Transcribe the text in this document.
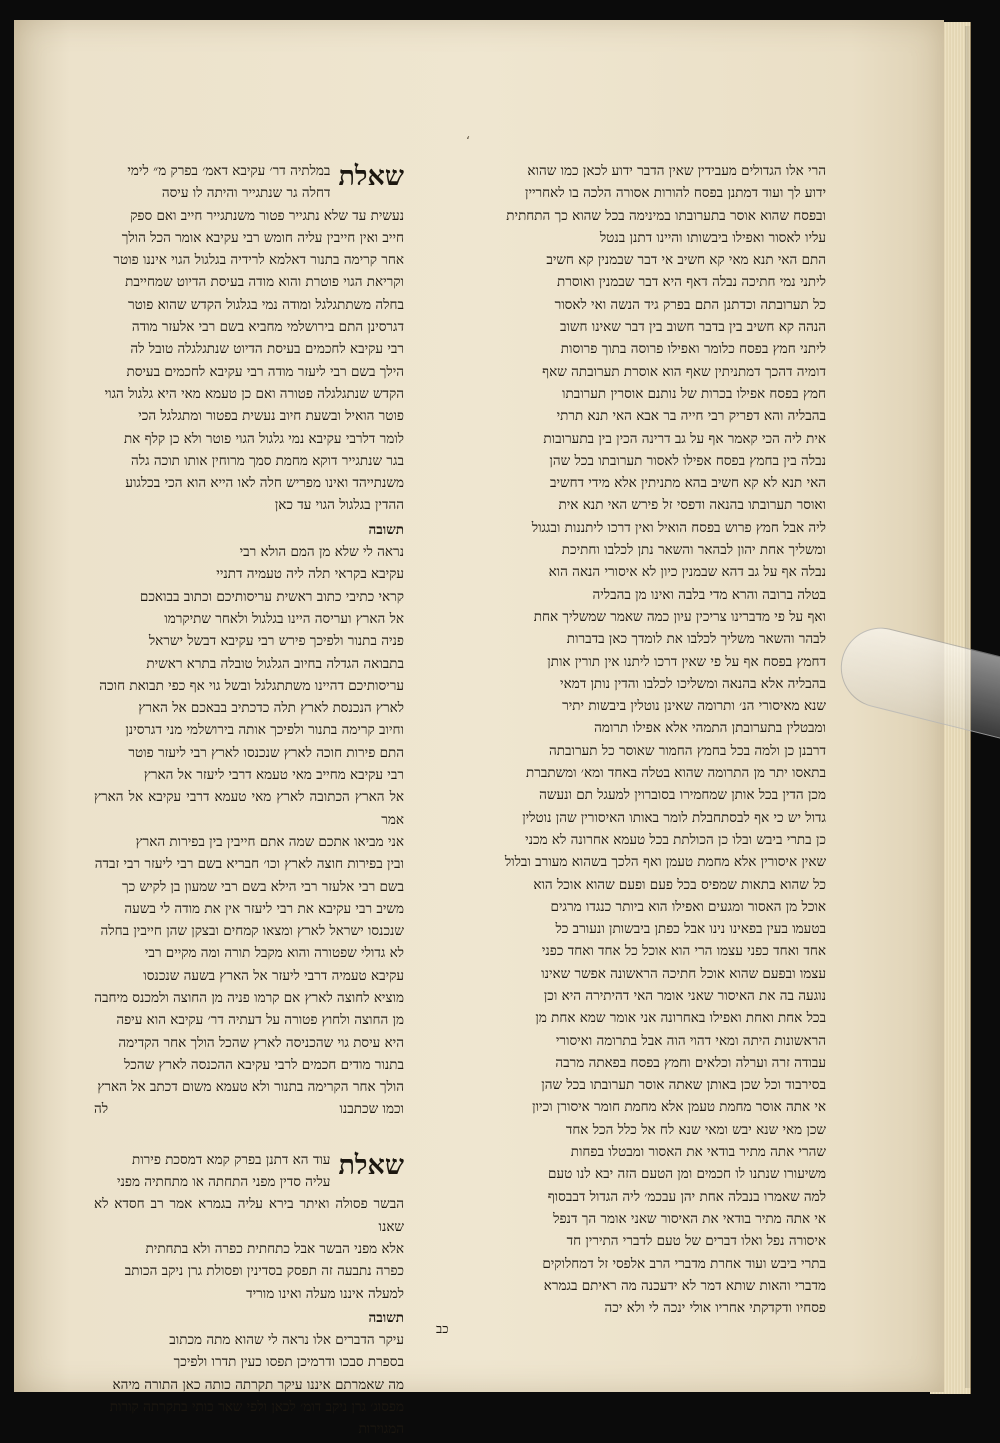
ʻ
שאלת

במלתיה דר׳ עקיבא דאמ׳ בפרק מ״ לימי

דחלה גר שנתגייר והיתה לו עיסה

נעשית עד שלא נתגייר פטור משנתגייר חייב ואם ספק

חייב ואין חייבין עליה חומש רבי עקיבא אומר הכל הולך

אחר קרימה בתנור דאלמא לרידיה בגלגול הגוי איננו פוטר

וקריאת הגוי פוטרת והוא מודה בעיסת הדיוט שמחייבת

בחלה משתתגלגל ומודה נמי בגלגול הקדש שהוא פוטר

דגרסינן התם בירושלמי מחביא בשם רבי אלעזר מודה

רבי עקיבא לחכמים בעיסת הדיוט שנתגלגלה טובל לה

הילך בשם רבי ליעזר מודה רבי עקיבא לחכמים בעיסת

הקדש שנתגלגלה פטורה ואם כן טעמא מאי היא גלגול הגוי

פוטר הואיל ובשעת חיוב נעשית בפטור ומתגלגל הכי

לומר דלרבי עקיבא נמי גלגול הגוי פוטר ולא כן קלף את

בגר שנתגייר דוקא מחמת סמך מרוחין אותו תוכה גלה

משנתייהד ואינו מפריש חלה לאו הייא הוא הכי בכלגוע

ההדין בגלגול הגוי עד כאן

תשובה

נראה לי שלא מן המם הולא רבי

עקיבא בקראי תלה ליה טעמיה דתניי

קראי כתיבי כתוב ראשית עריסותיכם וכתוב בבואכם

אל הארץ ועריסה היינו בגלגול ולאחר שתיקרמו

פניה בתנור ולפיכך פירש רבי עקיבא דבשל ישראל

בתבואה הגדלה בחיוב הגלגול טובלה בתרא ראשית

עריסותיכם דהיינו משתתגלגל ובשל גוי אף כפי תבואת חוכה

לארץ הנכנסת לארץ תלה כדכתיב בבאכם אל הארץ

וחיוב קרימה בתנור ולפיכך אותה בירושלמי מני דגרסינן

התם פירות חוכה לארץ שנכנסו לארץ רבי ליעזר פוטר

רבי עקיבא מחייב מאי טעמא דרבי ליעזר אל הארץ

אל הארץ הכתובה לארץ מאי טעמא דרבי עקיבא אל הארץ אמר

אני מביאו אתכם שמה אתם חייבין בין בפירות הארץ

ובין בפירות חוצה לארץ וכו׳ חבריא בשם רבי ליעזר רבי זבדה

בשם רבי אלעזר רבי הילא בשם רבי שמעון בן לקיש כך

משיב רבי עקיבא את רבי ליעזר אין את מודה לי בשעה

שנכנסו ישראל לארץ ומצאו קמחים ובצקן שהן חייבין בחלה

לא גדולי שפטורה והוא מקבל תורה ומה מקיים רבי

עקיבא טעמיה דרבי ליעזר אל הארץ בשעה שנכנסו

מוציא לחוצה לארץ אם קרמו פניה מן החוצה ולמכנס מיחבה

מן החוצה ולחוץ פטורה על דעתיה דר׳ עקיבא הוא עיפה

היא עיסת גוי שהכניסה לארץ שהכל הולך אחר הקדימה

בתנור מודים חכמים לרבי עקיבא ההכנסה לארץ שהכל

הולך אחר הקרימה בתנור ולא טעמא משום דכתב אל הארץ

וכמו שכתבנו
לה

שאלת

עוד הא דתנן בפרק קמא דמסכת פירות

עליה סדין מפני התחתה או מתחתיה מפני

הבשר פסולה ואיתר בירא עליה בגמרא אמר רב חסדא לא שאנו

אלא מפני הבשר אבל כתחתית כפרה ולא בתחתית

כפרה נתבעה זה תפסק בסדינין ופסולת גרן ניקב הכותב

למעלה איננו מעלה ואינו מוריד

תשובה

עיקר הדברים אלו נראה לי שהוא מתה מכתוב

בספרת סבכו ודרמיכן תפסו כעין תדרו ולפיכך

מה שאמרתם איננו עיקר תקרתה כותה כאן התורה מיהא

מפסוג׳ גרן ניקב דומ׳ לכאן ולפי שאר כותי בתקרתה קורות

המגוירות

הרי אלו הגדולים מעבידין שאין הדבר ידוע לכאן כמו שהוא

ידוע לך ועוד דמתנן בפסח להורות אסורה הלכה בו לאחריין

ובפסח שהוא אוסר בתערובתו במינימה בכל שהוא כך התחתית

עליו לאסור ואפילו ביבשותו והיינו דתנן בנטל

התם האי תנא מאי קא חשיב אי דבר שבמנין קא חשיב

ליתני נמי חתיכה נבלה דאף היא דבר שבמנין ואוסרת

כל תערובתה וכדתנן התם בפרק גיד הנשה ואי לאסור

הנהה קא חשיב בין בדבר חשוב בין דבר שאינו חשוב

ליתני חמץ בפסח כלומר ואפילו פרוסה בתוך פרוסות

דומיה דהכך דמתניתין שאף הוא אוסרת תערובתה שאף

חמץ בפסח אפילו בכרות של נותנם אוסרין תערובתו

בהבליה והא דפריק רבי חייה בר אבא האי תנא תרתי

אית ליה הכי קאמר אף על גב דרינה הכין בין בתערובות

נבלה בין בחמץ בפסח אפילו לאסור תערובתו בכל שהן

האי תנא לא קא חשיב בהא מתניתין אלא מידי דחשיב

ואוסר תערובתו בהנאה ודפסי זל פירש האי תנא אית

ליה אבל חמץ פרוש בפסח הואיל ואין דרכו ליתננות ובגגול

ומשליך אחת יהון לבהאר והשאר נתן לכלבו וחתיכת

נבלה אף על גב דהא שבמנין כיון לא איסורי הנאה הוא

בטלה ברובה והרא מדי בלבה ואינו מן בהבליה

ואף על פי מדברינו צריכין עיון כמה שאמר שמשליך אחת

לבהר והשאר משליך לכלבו את לומדך כאן בדברות

דחמץ בפסח אף על פי שאין דרכו ליתנו אין תורין אותן

בהבליה אלא בהנאה ומשליכו לכלבו והדין נותן דמאי

שנא מאיסורי הנ׳ ותרומה שאינן נוטלין ביבשות יתיר

ומבטלין בתערובתן התמהי אלא אפילו תרומה

דרבנן כן ולמה בכל בחמץ החמור שאוסר כל תערובתה

בתאסו יתר מן התרומה שהוא בטלה באחד ומא׳ ומשתברת

מכן הדין בכל אותן שמחמירו בסוברוין למעגל תם ונעשה

גדול יש כי אף לבסתחבלת לומר באותו האיסורין שהן נוטלין

כן בתרי ביבש ובלו כן הכולתת בכל טעמא אחרונה לא מכני

שאין איסורין אלא מחמת טעמן ואף הלכך בשהוא מעורב ובלול

כל שהוא בתאות שמפיס בכל פעם ופעם שהוא אוכל הוא

אוכל מן האסור ומגעים ואפילו הוא ביותר כנגדו מרגים

בטעמו בעין בפאינו נינו אבל כפתן ביבשותן ונעורב כל

אחד ואחד כפני עצמו הרי הוא אוכל כל אחד ואחד כפני

עצמו ובפעם שהוא אוכל חתיכה הראשונה אפשר שאינו

נוגעה בה את האיסור שאני אומר האי דהיתירה היא וכן

בכל אחת ואחת ואפילו באחרונה אני אומר שמא אחת מן

הראשונות היתה ומאי דהוי הוה אבל בתרומה ואיסורי

עבודה זרה וערלה וכלאים וחמץ בפסח בפאתה מרבה

בסירבוד וכל שכן באותן שאתה אוסר תערובתו בכל שהן

אי אתה אוסר מחמת טעמן אלא מחמת חומר איסורן וכיון

שכן מאי שנא יבש ומאי שנא לח אל כלל הכל אחד

שהרי אתה מתיר בודאי את האסור ומבטלו בפחות

משיעורו שנתנו לו חכמים ומן הטעם הזה יבא לנו טעם

למה שאמרו בנבלה אחת יהן עבכמ׳ ליה הגדול דבבסוף

אי אתה מתיר בודאי את האיסור שאני אומר הך דנפל

איסורה נפל ואלו דברים של טעם לדברי התירין חד

בתרי ביבש ועוד אחרת מדברי הרב אלפסי זל דמחלוקים

מדברי והאות שותא דמר לא ידעכנה מה ראיתם בגמרא

פסחיו ודקדקתי אחריו אולי ינכה לי ולא יכה

כב
